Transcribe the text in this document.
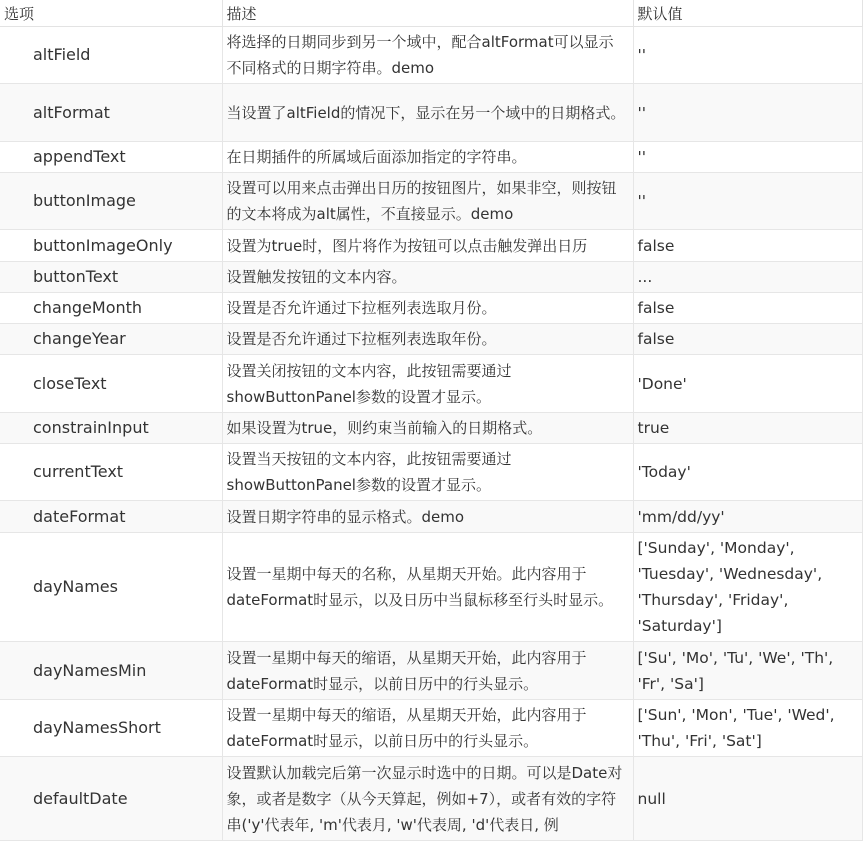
选项	描述	默认值
altField	将选择的日期同步到另一个域中，配合altFormat可以显示不同格式的日期字符串。demo	''
altFormat	当设置了altField的情况下，显示在另一个域中的日期格式。	''
appendText	在日期插件的所属域后面添加指定的字符串。	''
buttonImage	设置可以用来点击弹出日历的按钮图片，如果非空，则按钮的文本将成为alt属性，不直接显示。demo	''
buttonImageOnly	设置为true时，图片将作为按钮可以点击触发弹出日历	false
buttonText	设置触发按钮的文本内容。	...
changeMonth	设置是否允许通过下拉框列表选取月份。	false
changeYear	设置是否允许通过下拉框列表选取年份。	false
closeText	设置关闭按钮的文本内容，此按钮需要通过showButtonPanel参数的设置才显示。	'Done'
constrainInput	如果设置为true，则约束当前输入的日期格式。	true
currentText	设置当天按钮的文本内容，此按钮需要通过showButtonPanel参数的设置才显示。	'Today'
dateFormat	设置日期字符串的显示格式。demo	'mm/dd/yy'
dayNames	设置一星期中每天的名称，从星期天开始。此内容用于dateFormat时显示，以及日历中当鼠标移至行头时显示。	['Sunday', 'Monday', 'Tuesday', 'Wednesday', 'Thursday', 'Friday', 'Saturday']
dayNamesMin	设置一星期中每天的缩语，从星期天开始，此内容用于dateFormat时显示，以前日历中的行头显示。	['Su', 'Mo', 'Tu', 'We', 'Th', 'Fr', 'Sa']
dayNamesShort	设置一星期中每天的缩语，从星期天开始，此内容用于dateFormat时显示，以前日历中的行头显示。	['Sun', 'Mon', 'Tue', 'Wed', 'Thu', 'Fri', 'Sat']
defaultDate	设置默认加载完后第一次显示时选中的日期。可以是Date对象，或者是数字（从今天算起，例如+7），或者有效的字符串('y'代表年, 'm'代表月, 'w'代表周, 'd'代表日, 例	null
